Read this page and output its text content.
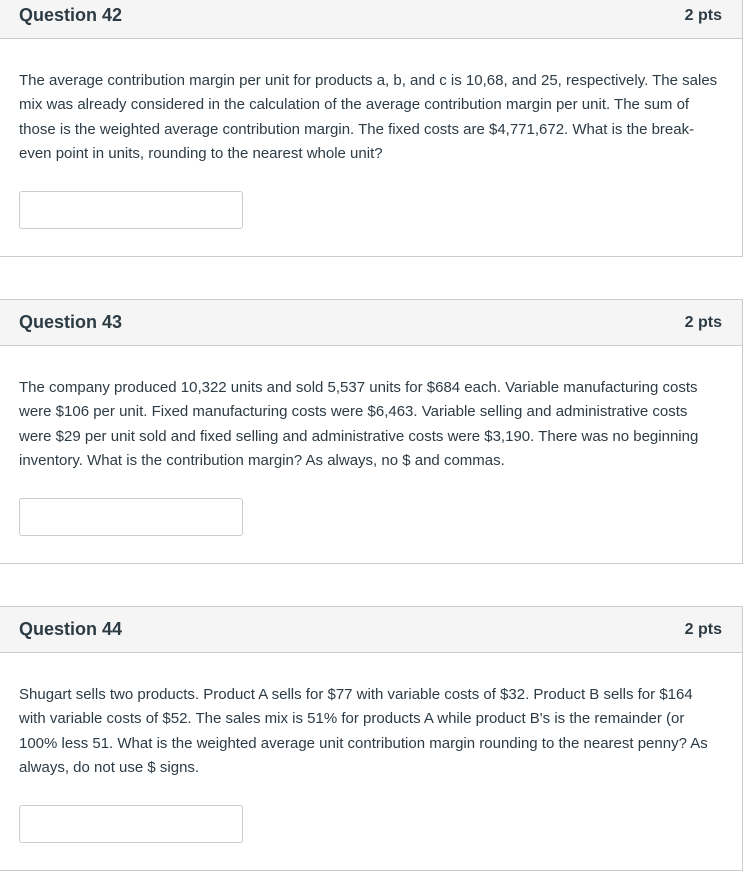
Question 42	2 pts

The average contribution margin per unit for products a, b, and c is 10,68, and 25, respectively. The sales mix was already considered in the calculation of the average contribution margin per unit. The sum of those is the weighted average contribution margin. The fixed costs are $4,771,672. What is the break-even point in units, rounding to the nearest whole unit?

Question 43	2 pts

The company produced 10,322 units and sold 5,537 units for $684 each. Variable manufacturing costs were $106 per unit. Fixed manufacturing costs were $6,463. Variable selling and administrative costs were $29 per unit sold and fixed selling and administrative costs were $3,190. There was no beginning inventory. What is the contribution margin? As always, no $ and commas.

Question 44	2 pts

Shugart sells two products. Product A sells for $77 with variable costs of $32. Product B sells for $164 with variable costs of $52. The sales mix is 51% for products A while product B's is the remainder (or 100% less 51. What is the weighted average unit contribution margin rounding to the nearest penny? As always, do not use $ signs.
